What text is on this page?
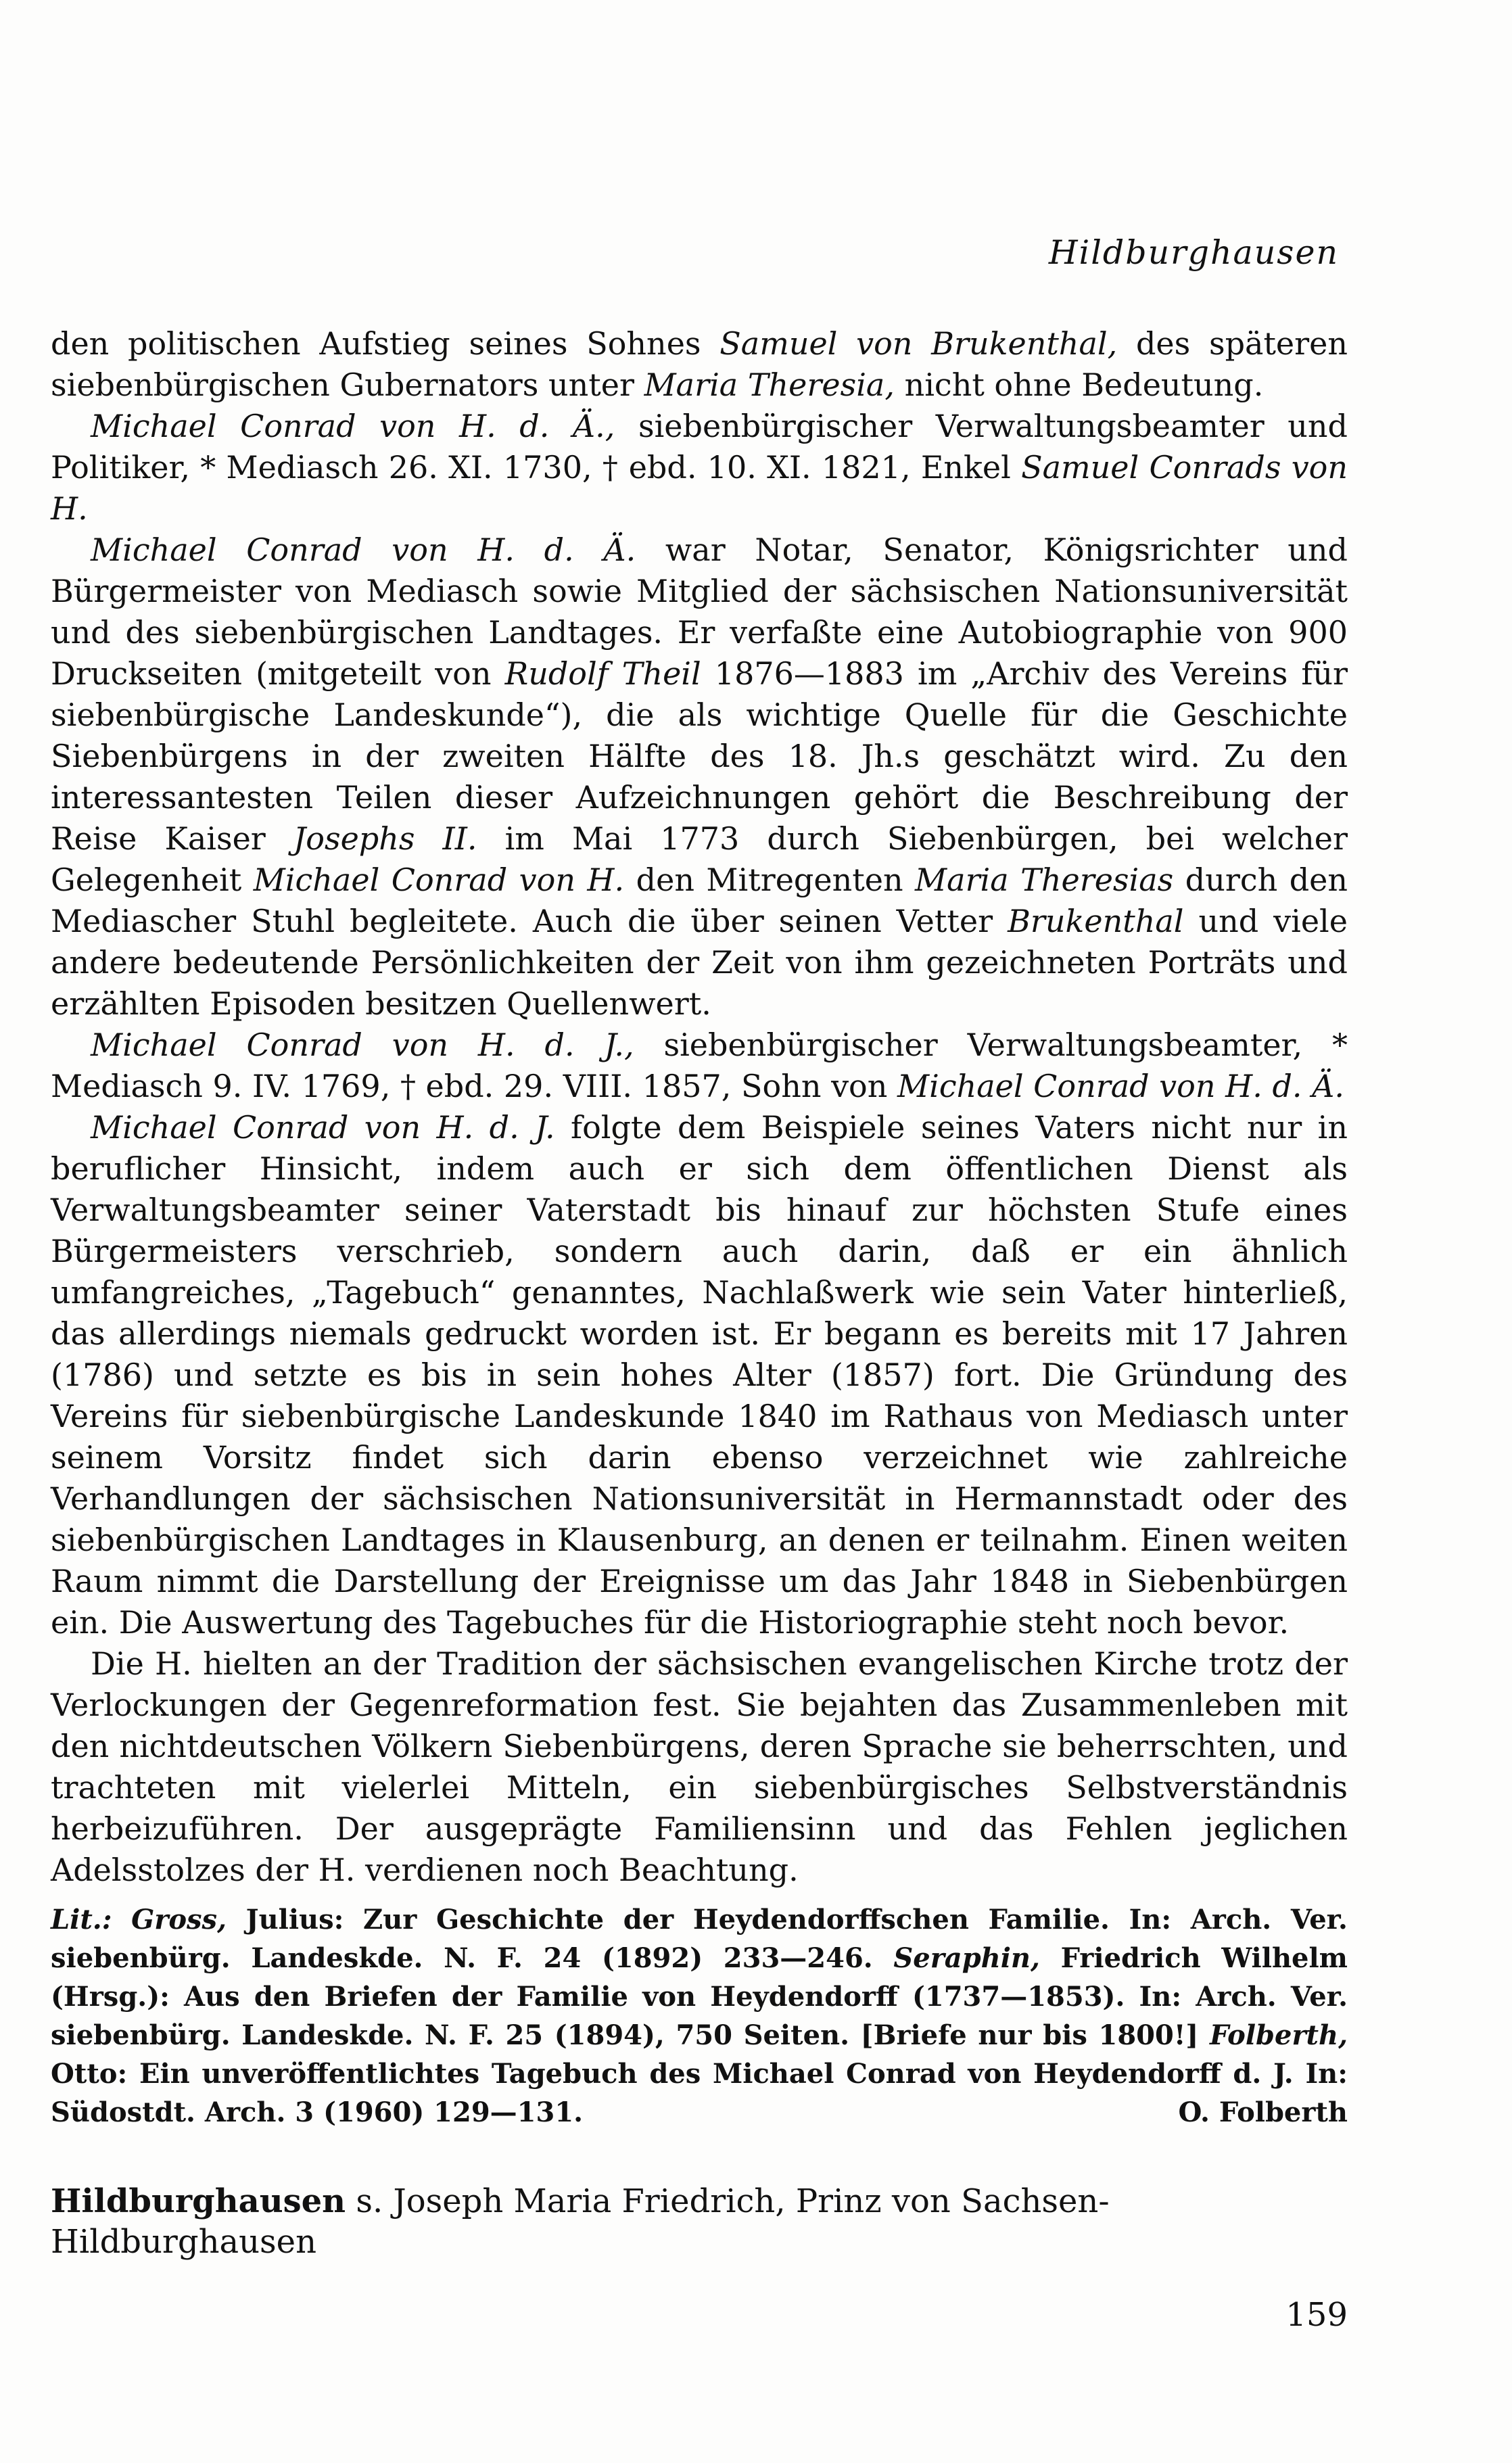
Hildburghausen

den politischen Aufstieg seines Sohnes Samuel von Brukenthal, des späteren siebenbürgischen Gubernators unter Maria Theresia, nicht ohne Bedeutung.

Michael Conrad von H. d. Ä., siebenbürgischer Verwaltungsbeamter und Politiker, * Mediasch 26. XI. 1730, † ebd. 10. XI. 1821, Enkel Samuel Conrads von H.

Michael Conrad von H. d. Ä. war Notar, Senator, Königsrichter und Bürgermeister von Mediasch sowie Mitglied der sächsischen Nationsuniversität und des siebenbürgischen Landtages. Er verfaßte eine Autobiographie von 900 Druckseiten (mitgeteilt von Rudolf Theil 1876—1883 im „Archiv des Vereins für siebenbürgische Landeskunde“), die als wichtige Quelle für die Geschichte Siebenbürgens in der zweiten Hälfte des 18. Jh.s geschätzt wird. Zu den interessantesten Teilen dieser Aufzeichnungen gehört die Beschreibung der Reise Kaiser Josephs II. im Mai 1773 durch Siebenbürgen, bei welcher Gelegenheit Michael Conrad von H. den Mitregenten Maria Theresias durch den Mediascher Stuhl begleitete. Auch die über seinen Vetter Brukenthal und viele andere bedeutende Persönlichkeiten der Zeit von ihm gezeichneten Porträts und erzählten Episoden besitzen Quellenwert.

Michael Conrad von H. d. J., siebenbürgischer Verwaltungsbeamter, * Mediasch 9. IV. 1769, † ebd. 29. VIII. 1857, Sohn von Michael Conrad von H. d. Ä.

Michael Conrad von H. d. J. folgte dem Beispiele seines Vaters nicht nur in beruflicher Hinsicht, indem auch er sich dem öffentlichen Dienst als Verwaltungsbeamter seiner Vaterstadt bis hinauf zur höchsten Stufe eines Bürgermeisters verschrieb, sondern auch darin, daß er ein ähnlich umfangreiches, „Tagebuch“ genanntes, Nachlaßwerk wie sein Vater hinterließ, das allerdings niemals gedruckt worden ist. Er begann es bereits mit 17 Jahren (1786) und setzte es bis in sein hohes Alter (1857) fort. Die Gründung des Vereins für siebenbürgische Landeskunde 1840 im Rathaus von Mediasch unter seinem Vorsitz findet sich darin ebenso verzeichnet wie zahlreiche Verhandlungen der sächsischen Nationsuniversität in Hermannstadt oder des siebenbürgischen Landtages in Klausenburg, an denen er teilnahm. Einen weiten Raum nimmt die Darstellung der Ereignisse um das Jahr 1848 in Siebenbürgen ein. Die Auswertung des Tagebuches für die Historiographie steht noch bevor.

Die H. hielten an der Tradition der sächsischen evangelischen Kirche trotz der Verlockungen der Gegenreformation fest. Sie bejahten das Zusammenleben mit den nichtdeutschen Völkern Siebenbürgens, deren Sprache sie beherrschten, und trachteten mit vielerlei Mitteln, ein siebenbürgisches Selbstverständnis herbeizuführen. Der ausgeprägte Familiensinn und das Fehlen jeglichen Adelsstolzes der H. verdienen noch Beachtung.

Lit.: Gross, Julius: Zur Geschichte der Heydendorffschen Familie. In: Arch. Ver. siebenbürg. Landeskde. N. F. 24 (1892) 233—246. Seraphin, Friedrich Wilhelm (Hrsg.): Aus den Briefen der Familie von Heydendorff (1737—1853). In: Arch. Ver. siebenbürg. Landeskde. N. F. 25 (1894), 750 Seiten. [Briefe nur bis 1800!] Folberth, Otto: Ein unveröffentlichtes Tagebuch des Michael Conrad von Heydendorff d. J. In: Südostdt. Arch. 3 (1960) 129—131.	O. Folberth
Hildburghausen s. Joseph Maria Friedrich, Prinz von Sachsen-Hildburghausen
159
